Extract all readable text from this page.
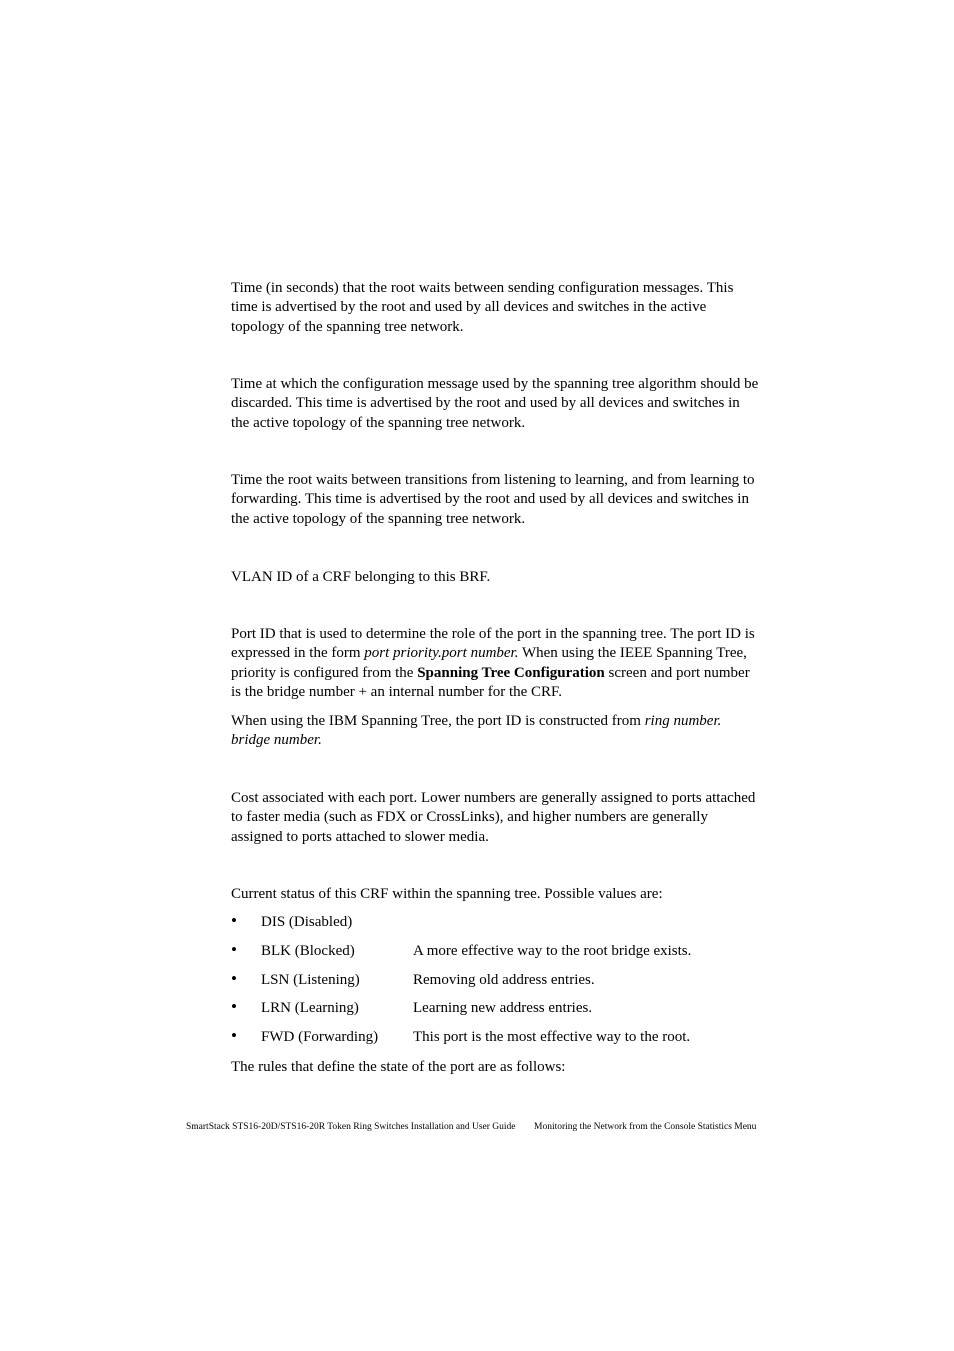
Time (in seconds) that the root waits between sending configuration messages. This time is advertised by the root and used by all devices and switches in the active topology of the spanning tree network.

Time at which the configuration message used by the spanning tree algorithm should be discarded. This time is advertised by the root and used by all devices and switches in the active topology of the spanning tree network.

Time the root waits between transitions from listening to learning, and from learning to forwarding. This time is advertised by the root and used by all devices and switches in the active topology of the spanning tree network.

VLAN ID of a CRF belonging to this BRF.

Port ID that is used to determine the role of the port in the spanning tree. The port ID is expressed in the form port priority.port number. When using the IEEE Spanning Tree, priority is configured from the Spanning Tree Configuration screen and port number is the bridge number + an internal number for the CRF.

When using the IBM Spanning Tree, the port ID is constructed from ring number. bridge number.

Cost associated with each port. Lower numbers are generally assigned to ports attached to faster media (such as FDX or CrossLinks), and higher numbers are generally assigned to ports attached to slower media.

Current status of this CRF within the spanning tree. Possible values are:

• DIS (Disabled)
• BLK (Blocked)	A more effective way to the root bridge exists.
• LSN (Listening)	Removing old address entries.
• LRN (Learning)	Learning new address entries.
• FWD (Forwarding) This port is the most effective way to the root.

The rules that define the state of the port are as follows:

SmartStack STS16-20D/STS16-20R Token Ring Switches Installation and User Guide Monitoring the Network from the Console Statistics Menu
